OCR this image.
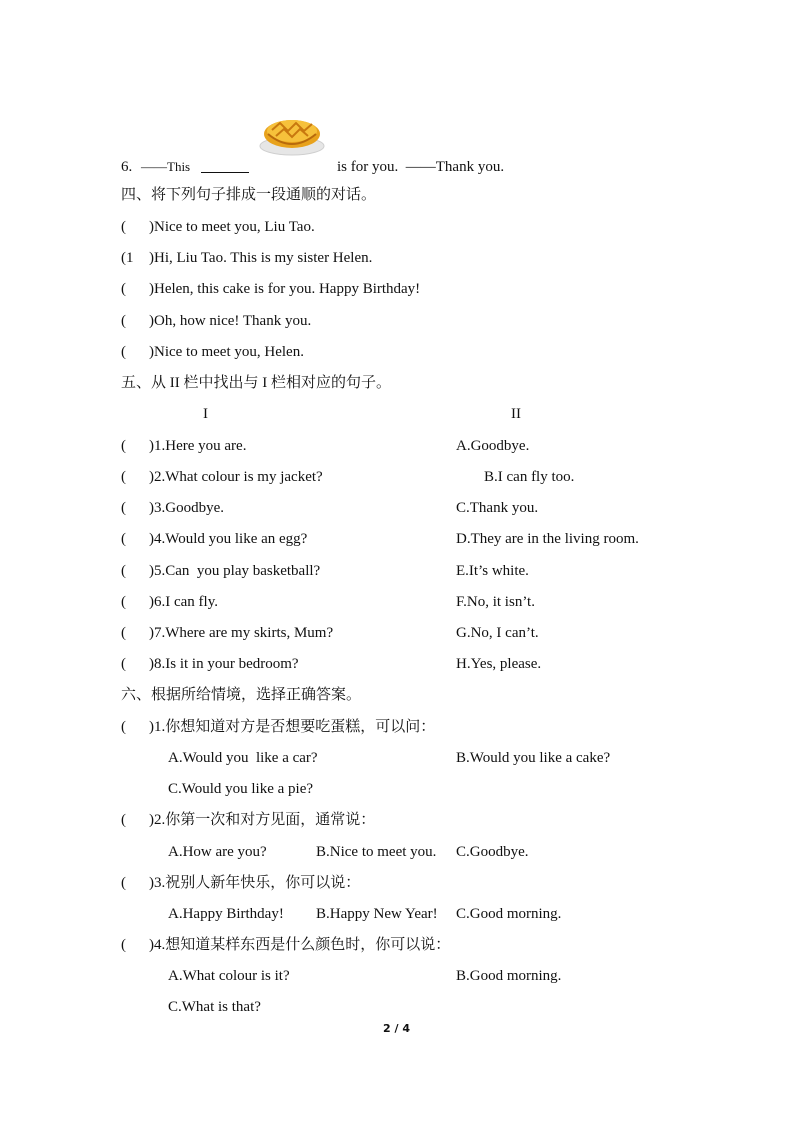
6. ——This	is for you.  ——Thank you.
四、将下列句子排成一段通顺的对话。
( )Nice to meet you, Liu Tao.
(1 )Hi, Liu Tao. This is my sister Helen.
( )Helen, this cake is for you. Happy Birthday!
( )Oh, how nice! Thank you.
( )Nice to meet you, Helen.
五、从 II 栏中找出与 I 栏相对应的句子。
I	II
( )1.Here you are.	A.Goodbye.
( )2.What colour is my jacket?	B.I can fly too.
( )3.Goodbye.	C.Thank you.
( )4.Would you like an egg?	D.They are in the living room.
( )5.Can  you play basketball?	E.It’s white.
( )6.I can fly.	F.No, it isn’t.
( )7.Where are my skirts, Mum?	G.No, I can’t.
( )8.Is it in your bedroom?	H.Yes, please.
六、根据所给情境，选择正确答案。
( )1.你想知道对方是否想要吃蛋糕，可以问：
A.Would you  like a car?	B.Would you like a cake?
C.Would you like a pie?
( )2.你第一次和对方见面，通常说：
A.How are you?	B.Nice to meet you. C.Goodbye.
( )3.祝别人新年快乐，你可以说：
A.Happy Birthday! B.Happy New Year! C.Good morning.
( )4.想知道某样东西是什么颜色时，你可以说：
A.What colour is it?	B.Good morning.
C.What is that?
2 / 4
